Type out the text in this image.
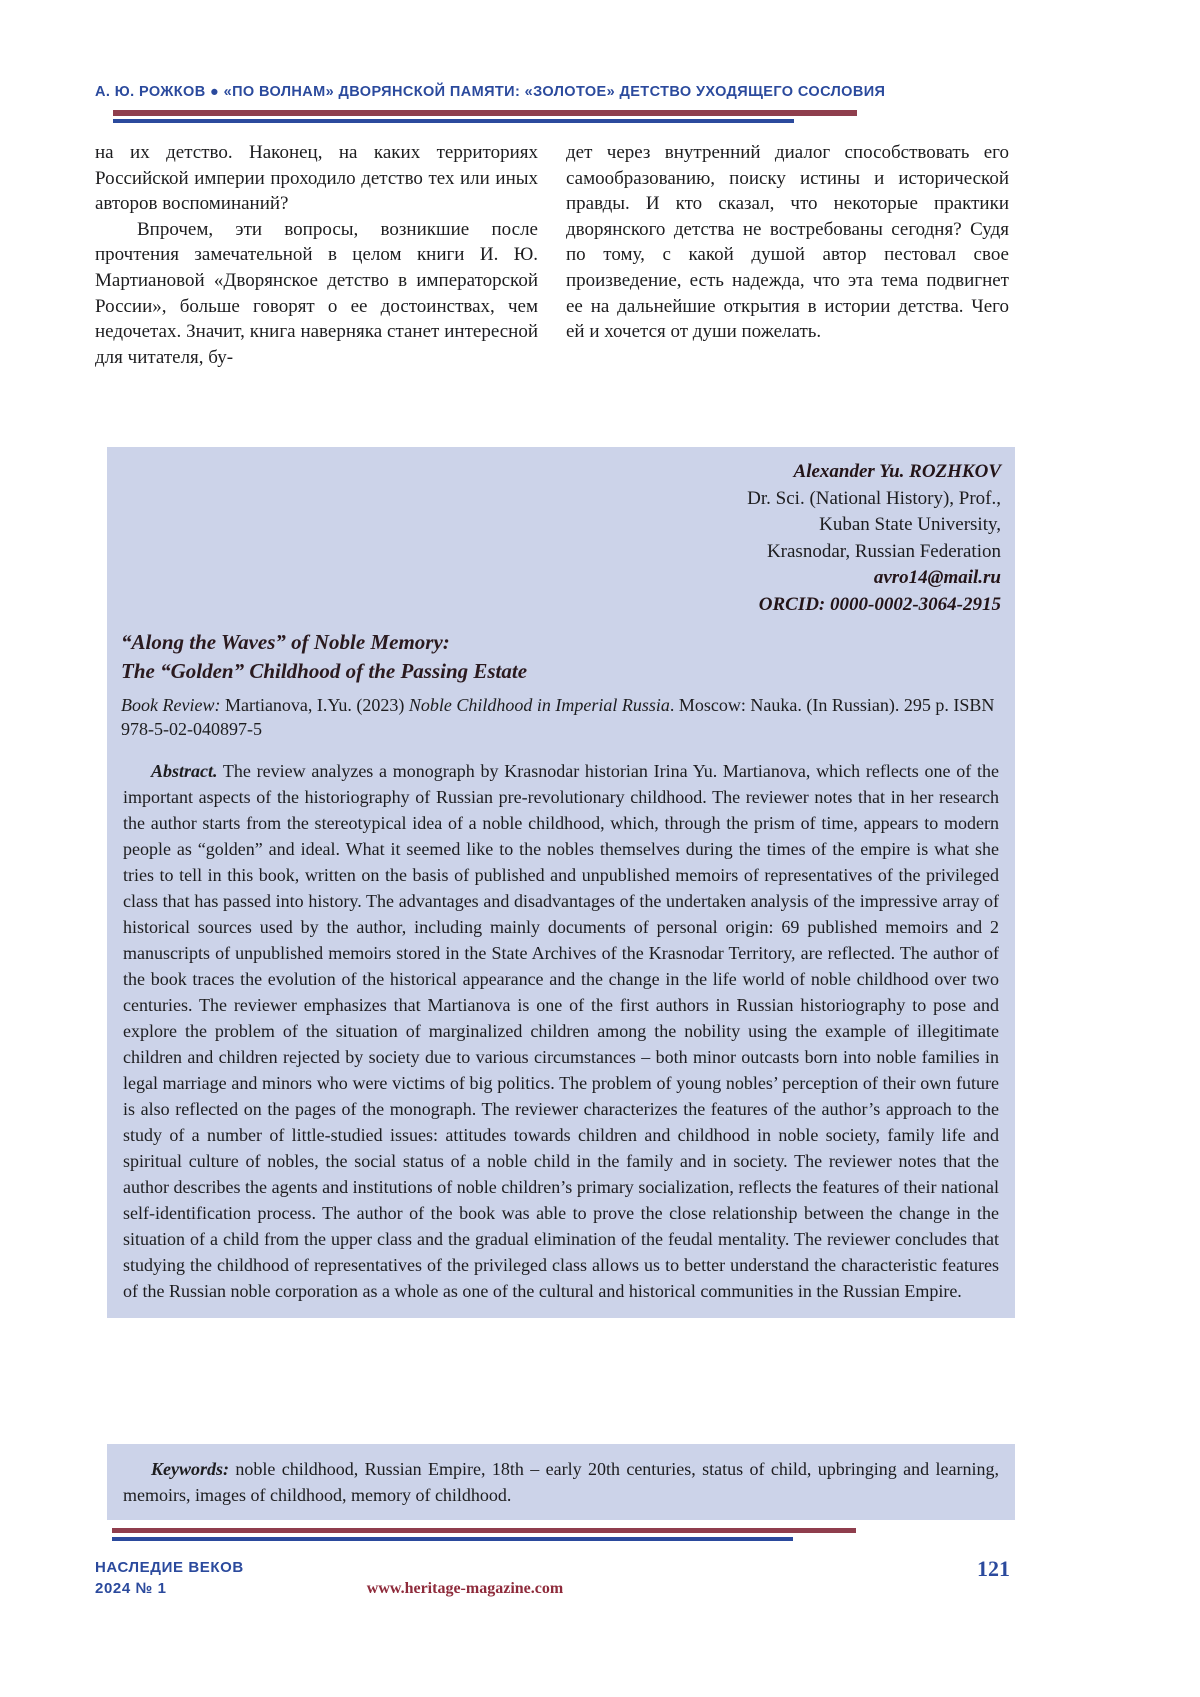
А. Ю. РОЖКОВ ● «ПО ВОЛНАМ» ДВОРЯНСКОЙ ПАМЯТИ: «ЗОЛОТОЕ» ДЕТСТВО УХОДЯЩЕГО СОСЛОВИЯ

на их детство. Наконец, на каких территориях Российской империи проходило детство тех или иных авторов воспоминаний?

Впрочем, эти вопросы, возникшие после прочтения замечательной в целом книги И. Ю. Мартиановой «Дворянское детство в императорской России», больше говорят о ее достоинствах, чем недочетах. Значит, книга наверняка станет интересной для читателя, бу-

дет через внутренний диалог способствовать его самообразованию, поиску истины и исторической правды. И кто сказал, что некоторые практики дворянского детства не востребованы сегодня? Судя по тому, с какой душой автор пестовал свое произведение, есть надежда, что эта тема подвигнет ее на дальнейшие открытия в истории детства. Чего ей и хочется от души пожелать.

Alexander Yu. ROZHKOV
Dr. Sci. (National History), Prof.,
Kuban State University,
Krasnodar, Russian Federation
avro14@mail.ru
ORCID: 0000-0002-3064-2915
“Along the Waves” of Noble Memory:
The “Golden” Childhood of the Passing Estate
Book Review: Martianova, I.Yu. (2023) Noble Childhood in Imperial Russia. Moscow: Nauka. (In Russian). 295 p. ISBN 978-5-02-040897-5
Abstract. The review analyzes a monograph by Krasnodar historian Irina Yu. Martianova, which reflects one of the important aspects of the historiography of Russian pre-revolutionary childhood. The reviewer notes that in her research the author starts from the stereotypical idea of a noble childhood, which, through the prism of time, appears to modern people as “golden” and ideal. What it seemed like to the nobles themselves during the times of the empire is what she tries to tell in this book, written on the basis of published and unpublished memoirs of representatives of the privileged class that has passed into history. The advantages and disadvantages of the undertaken analysis of the impressive array of historical sources used by the author, including mainly documents of personal origin: 69 published memoirs and 2 manuscripts of unpublished memoirs stored in the State Archives of the Krasnodar Territory, are reflected. The author of the book traces the evolution of the historical appearance and the change in the life world of noble childhood over two centuries. The reviewer emphasizes that Martianova is one of the first authors in Russian historiography to pose and explore the problem of the situation of marginalized children among the nobility using the example of illegitimate children and children rejected by society due to various circumstances – both minor outcasts born into noble families in legal marriage and minors who were victims of big politics. The problem of young nobles’ perception of their own future is also reflected on the pages of the monograph. The reviewer characterizes the features of the author’s approach to the study of a number of little-studied issues: attitudes towards children and childhood in noble society, family life and spiritual culture of nobles, the social status of a noble child in the family and in society. The reviewer notes that the author describes the agents and institutions of noble children’s primary socialization, reflects the features of their national self-identification process. The author of the book was able to prove the close relationship between the change in the situation of a child from the upper class and the gradual elimination of the feudal mentality. The reviewer concludes that studying the childhood of representatives of the privileged class allows us to better understand the characteristic features of the Russian noble corporation as a whole as one of the cultural and historical communities in the Russian Empire.
Keywords: noble childhood, Russian Empire, 18th – early 20th centuries, status of child, upbringing and learning, memoirs, images of childhood, memory of childhood.
НАСЛЕДИЕ ВЕКОВ
2024 № 1	www.heritage-magazine.com
121
